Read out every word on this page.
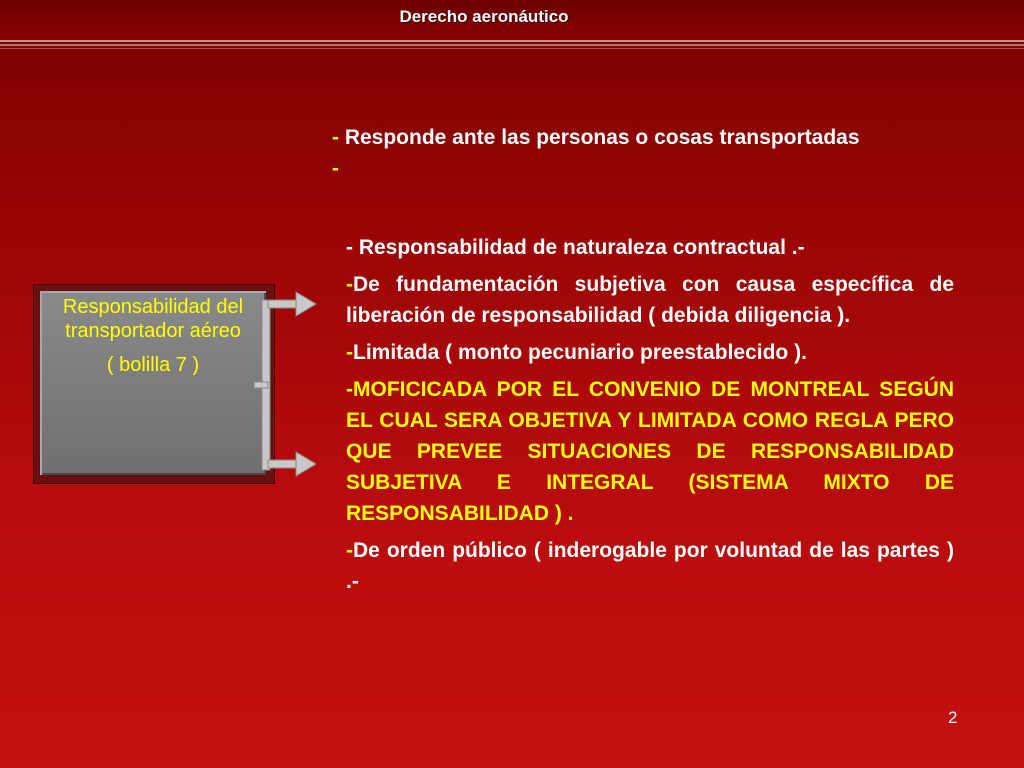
Derecho aeronáutico
Responsabilidad del transportador aéreo
( bolilla 7 )

- Responde ante las personas o cosas transportadas
-

- Responsabilidad de naturaleza contractual .-

-De fundamentación subjetiva con causa específica de liberación de responsabilidad ( debida diligencia ).

-Limitada ( monto pecuniario preestablecido ).

-MOFICICADA POR EL CONVENIO DE MONTREAL SEGÚN EL CUAL SERA OBJETIVA Y LIMITADA COMO REGLA PERO QUE PREVEE SITUACIONES DE RESPONSABILIDAD SUBJETIVA E INTEGRAL (SISTEMA MIXTO DE RESPONSABILIDAD ) .

-De orden público ( inderogable por voluntad de las partes ) .-

2
